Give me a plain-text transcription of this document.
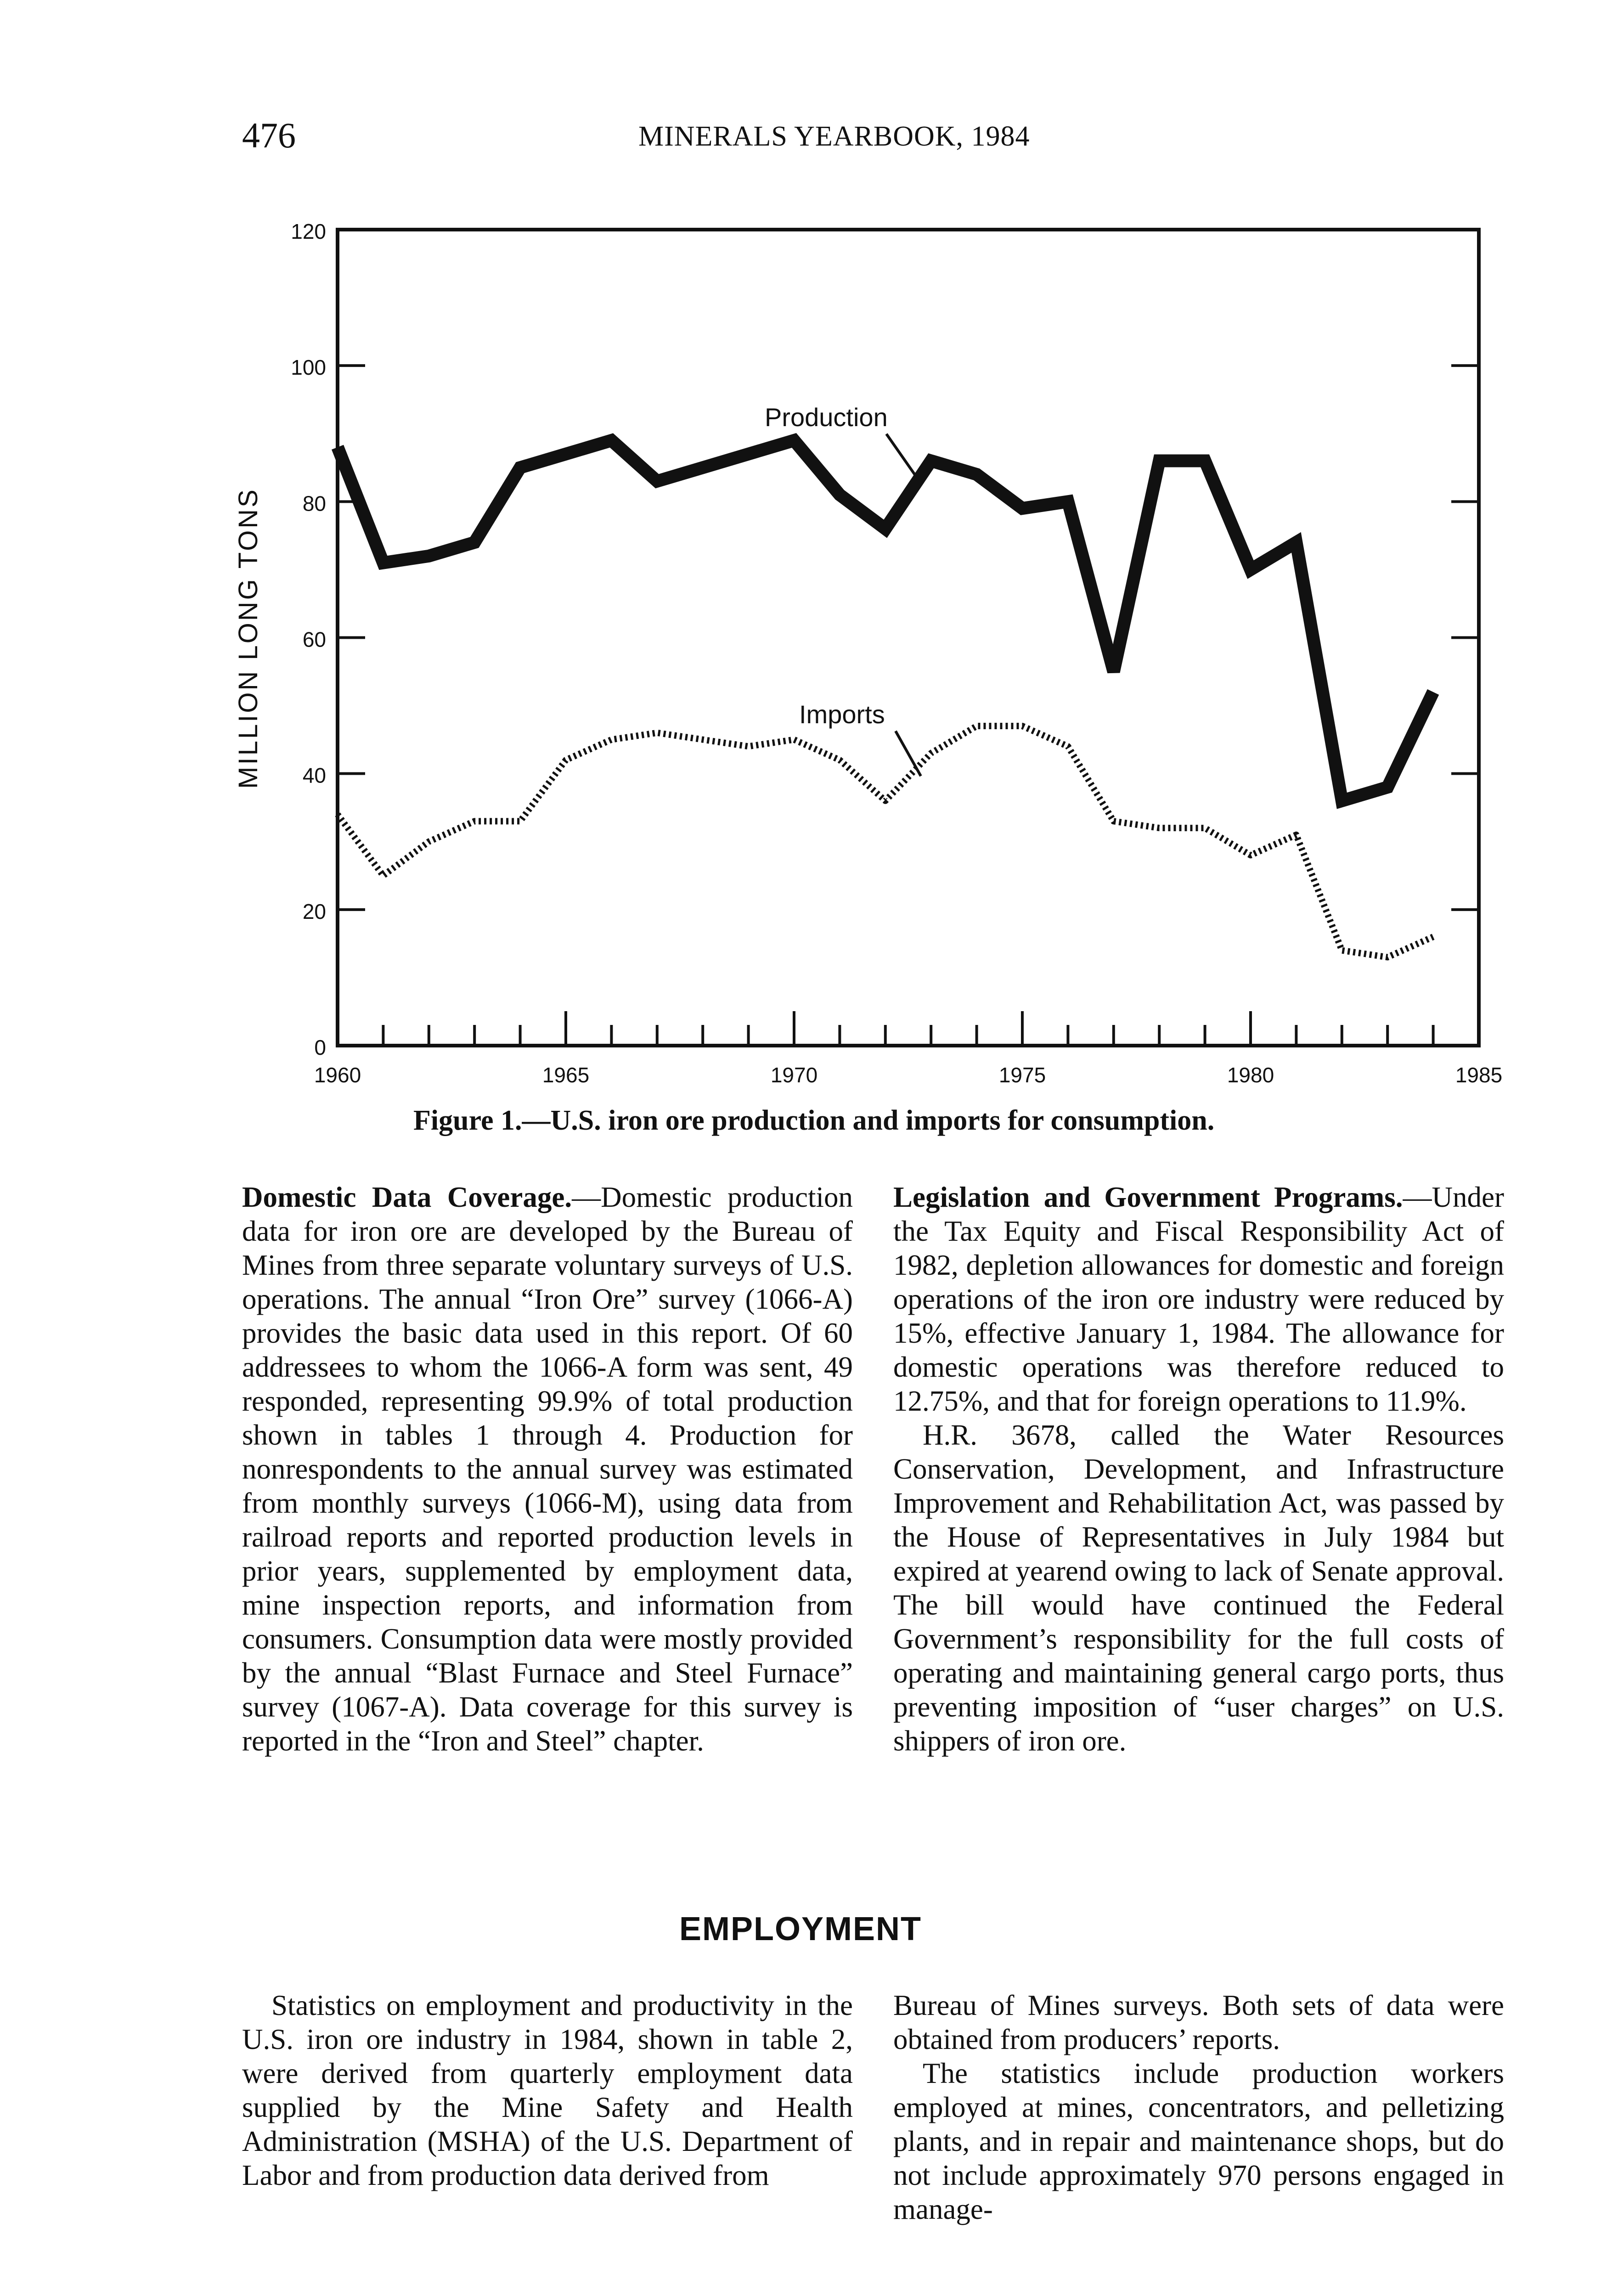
476	MINERALS YEARBOOK, 1984
0
20
40
60
80
100
120
1960	1965	1970	1975	1980	1985
MILLION LONG TONS
Production
Imports
Figure 1.—U.S. iron ore production and imports for consumption.

Domestic Data Coverage.—Domestic production data for iron ore are developed by the Bureau of Mines from three separate voluntary surveys of U.S. operations. The annual “Iron Ore” survey (1066-A) provides the basic data used in this report. Of 60 addressees to whom the 1066-A form was sent, 49 responded, representing 99.9% of total production shown in tables 1 through 4. Production for nonrespondents to the annual survey was estimated from monthly surveys (1066-M), using data from railroad reports and reported production levels in prior years, supplemented by employment data, mine inspection reports, and information from consumers. Consumption data were mostly provided by the annual “Blast Furnace and Steel Furnace” survey (1067-A). Data coverage for this survey is reported in the “Iron and Steel” chapter.

Legislation and Government Programs.—Under the Tax Equity and Fiscal Responsibility Act of 1982, depletion allowances for domestic and foreign operations of the iron ore industry were reduced by 15%, effective January 1, 1984. The allowance for domestic operations was therefore reduced to 12.75%, and that for foreign operations to 11.9%.

H.R. 3678, called the Water Resources Conservation, Development, and Infrastructure Improvement and Rehabilitation Act, was passed by the House of Representatives in July 1984 but expired at yearend owing to lack of Senate approval. The bill would have continued the Federal Government’s responsibility for the full costs of operating and maintaining general cargo ports, thus preventing imposition of “user charges” on U.S. shippers of iron ore.

EMPLOYMENT

Statistics on employment and productivity in the U.S. iron ore industry in 1984, shown in table 2, were derived from quarterly employment data supplied by the Mine Safety and Health Administration (MSHA) of the U.S. Department of Labor and from production data derived from

Bureau of Mines surveys. Both sets of data were obtained from producers’ reports.

The statistics include production workers employed at mines, concentrators, and pelletizing plants, and in repair and maintenance shops, but do not include approximately 970 persons engaged in manage-
